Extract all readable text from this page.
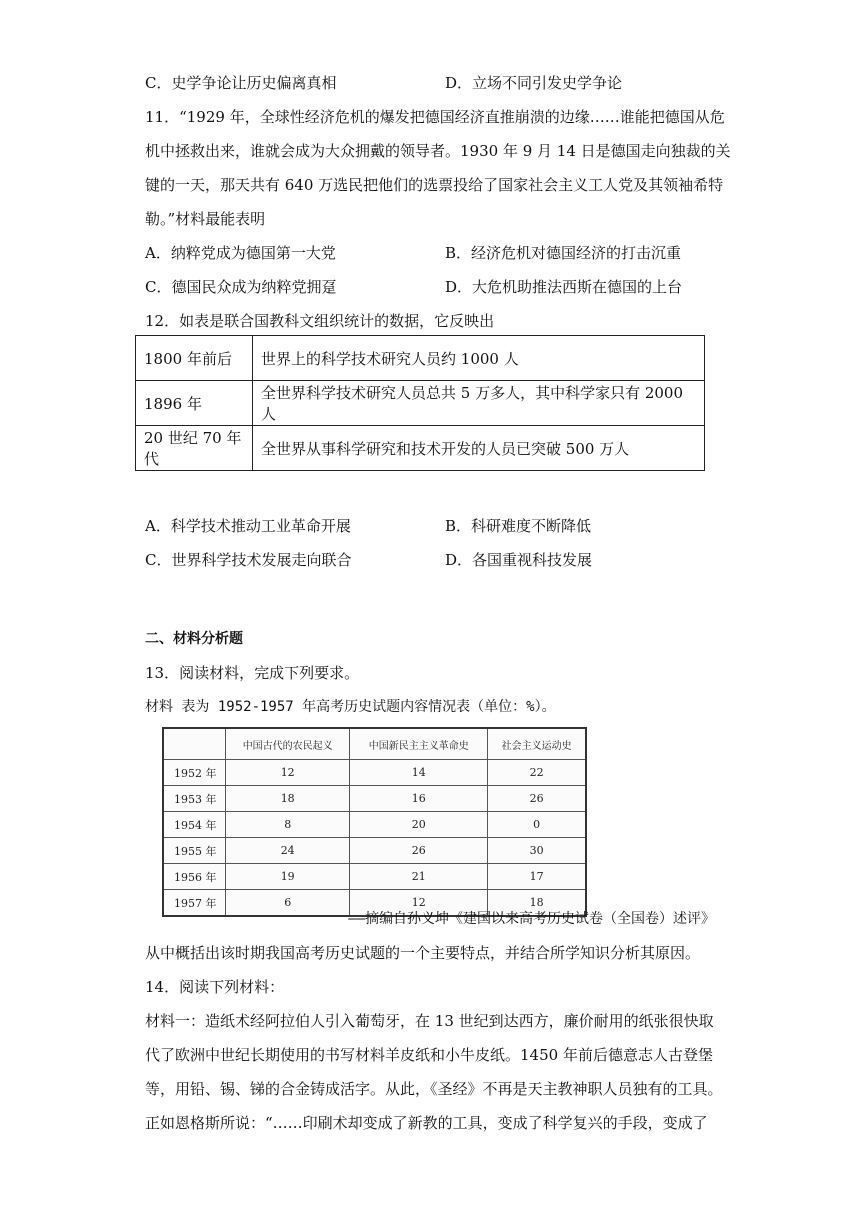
C．史学争论让历史偏离真相	D．立场不同引发史学争论
11．“1929 年，全球性经济危机的爆发把德国经济直推崩溃的边缘……谁能把德国从危
机中拯救出来，谁就会成为大众拥戴的领导者。1930 年 9 月 14 日是德国走向独裁的关
键的一天，那天共有 640 万选民把他们的选票投给了国家社会主义工人党及其领袖希特
勒。”材料最能表明
A．纳粹党成为德国第一大党	B．经济危机对德国经济的打击沉重
C．德国民众成为纳粹党拥趸	D．大危机助推法西斯在德国的上台
12．如表是联合国教科文组织统计的数据，它反映出
1800 年前后	世界上的科学技术研究人员约 1000 人
1896 年	全世界科学技术研究人员总共 5 万多人，其中科学家只有 2000 人
20 世纪 70 年代	全世界从事科学研究和技术开发的人员已突破 500 万人
A．科学技术推动工业革命开展	B．科研难度不断降低
C．世界科学技术发展走向联合	D．各国重视科技发展
二、材料分析题
13．阅读材料，完成下列要求。
材料 表为 1952-1957 年高考历史试题内容情况表（单位：%）。
	中国古代的农民起义	中国新民主主义革命史	社会主义运动史
1952 年	12	14	22
1953 年	18	16	26
1954 年	8	20	0
1955 年	24	26	30
1956 年	19	21	17
1957 年	6	12	18
——摘编自孙义坤《建国以来高考历史试卷（全国卷）述评》
从中概括出该时期我国高考历史试题的一个主要特点，并结合所学知识分析其原因。
14．阅读下列材料：
材料一：造纸术经阿拉伯人引入葡萄牙，在 13 世纪到达西方，廉价耐用的纸张很快取
代了欧洲中世纪长期使用的书写材料羊皮纸和小牛皮纸。1450 年前后德意志人古登堡
等，用铅、锡、锑的合金铸成活字。从此，《圣经》不再是天主教神职人员独有的工具。
正如恩格斯所说：“……印刷术却变成了新教的工具，变成了科学复兴的手段，变成了
